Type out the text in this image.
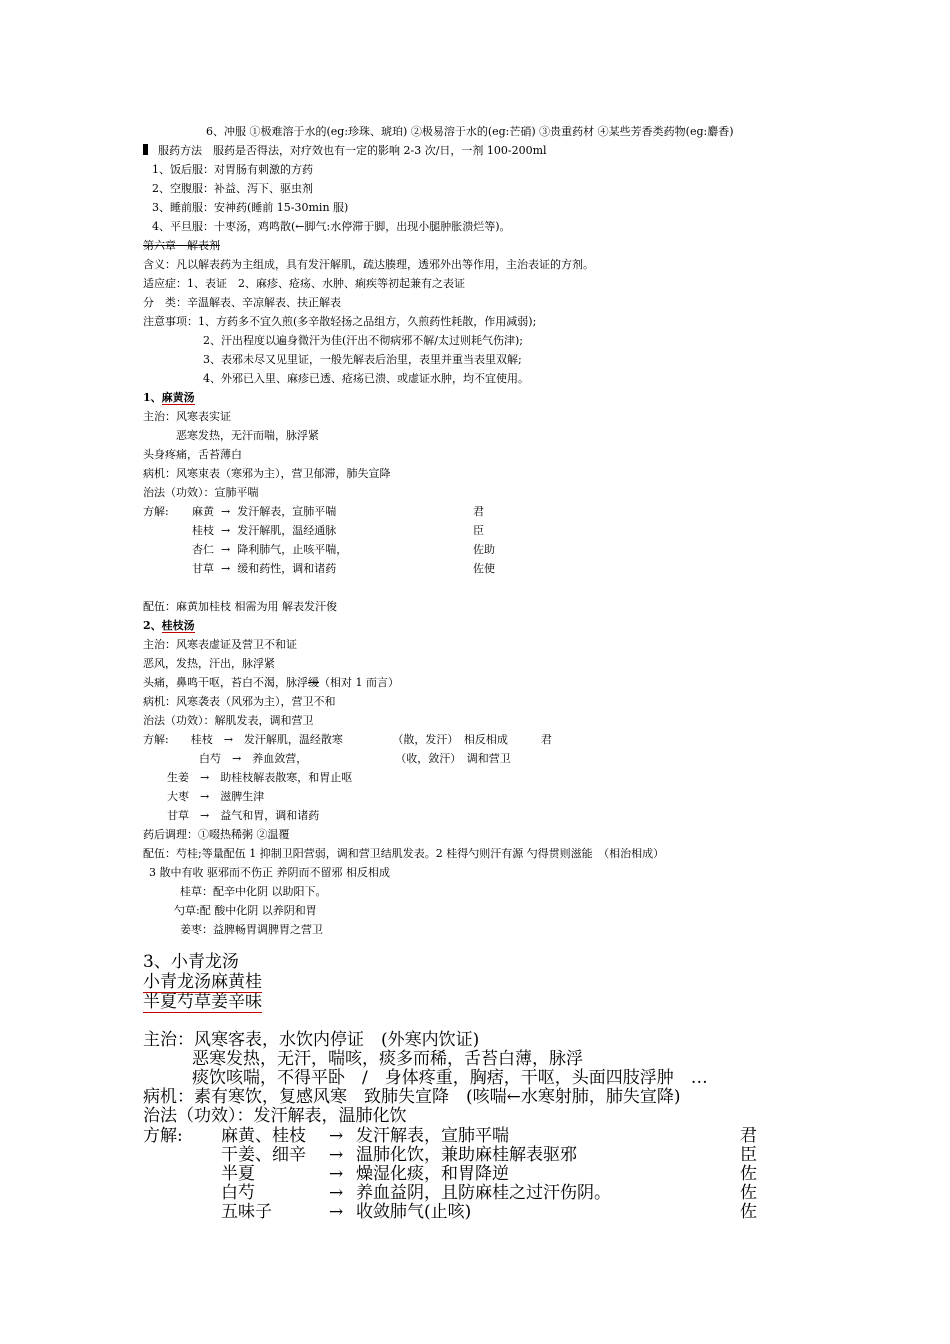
6、冲服 ①极难溶于水的(eg:珍珠、琥珀) ②极易溶于水的(eg:芒硝) ③贵重药材 ④某些芳香类药物(eg:麝香)
服药方法　服药是否得法，对疗效也有一定的影响 2-3 次/日，一剂 100-200ml
1、饭后服：对胃肠有刺激的方药
2、空腹服：补益、泻下、驱虫剂
3、睡前服：安神药(睡前 15-30min 服)
4、平旦服：十枣汤，鸡鸣散(←脚气:水停滞于脚，出现小腿肿胀溃烂等)。
第六章　解表剂
含义：凡以解表药为主组成，具有发汗解肌，疏达腠理，透邪外出等作用，主治表证的方剂。
适应症：1、表证　2、麻疹、疮疡、水肿、痢疾等初起兼有之表证
分　类：辛温解表、辛凉解表、扶正解表
注意事项：1、方药多不宜久煎(多辛散轻扬之品组方，久煎药性耗散，作用减弱);
2、汗出程度以遍身微汗为佳(汗出不彻病邪不解/太过则耗气伤津);
3、表邪未尽又见里证，一般先解表后治里，表里并重当表里双解;
4、外邪已入里、麻疹已透、疮疡已溃、或虚证水肿，均不宜使用。
1、麻黄汤
主治：风寒表实证
恶寒发热，无汗而喘，脉浮紧
头身疼痛，舌苔薄白
病机：风寒束表（寒邪为主），营卫郁滞，肺失宣降
治法（功效）：宣肺平喘
方解: 麻黄 → 发汗解表，宣肺平喘	君
桂枝 → 发汗解肌，温经通脉	臣
杏仁 → 降利肺气，止咳平喘，	佐助
甘草 → 缓和药性，调和诸药	佐使
配伍：麻黄加桂枝 相需为用 解表发汗俊
2、桂枝汤
主治：风寒表虚证及营卫不和证
恶风，发热，汗出，脉浮紧
头痛，鼻鸣干呕，苔白不渴，脉浮缓（相对 1 而言）
病机：风寒袭表（风邪为主），营卫不和
治法（功效）：解肌发表，调和营卫
方解:　　桂枝　→　发汗解肌，温经散寒　　　　　（散，发汗）　相反相成　　　君
白芍　→　养血敛营，　　　　　　　　　（收，敛汗）　调和营卫
生姜　→　助桂枝解表散寒，和胃止呕
大枣　→　滋脾生津
甘草　→　益气和胃，调和诸药
药后调理：①啜热稀粥 ②温覆
配伍：芍桂;等量配伍 1 抑制卫阳营弱，调和营卫结肌发表。2 桂得勺则汗有源 勺得贯则滋能　（相治相成）
3 散中有收 驱邪而不伤正 养阴而不留邪 相反相成
桂草：配辛中化阴 以助阳下。
勺草:配 酸中化阴 以养阴和胃
姜枣：益脾畅胃调脾胃之营卫
3、小青龙汤
小青龙汤麻黄桂
半夏芍草姜辛味
主治：风寒客表，水饮内停证　(外寒内饮证)
恶寒发热，无汗，喘咳，痰多而稀，舌苔白薄，脉浮
痰饮咳喘，不得平卧　/　身体疼重，胸痞，干呕，头面四肢浮肿　…
病机：素有寒饮，复感风寒　致肺失宣降　(咳喘←水寒射肺，肺失宣降)
治法（功效）：发汗解表，温肺化饮
方解: 麻黄、桂枝 → 发汗解表，宣肺平喘	君
干姜、细辛 → 温肺化饮，兼助麻桂解表驱邪	臣
半夏	→ 燥湿化痰，和胃降逆	佐
白芍	→ 养血益阴，且防麻桂之过汗伤阴。	佐
五味子	→ 收敛肺气(止咳)	佐
